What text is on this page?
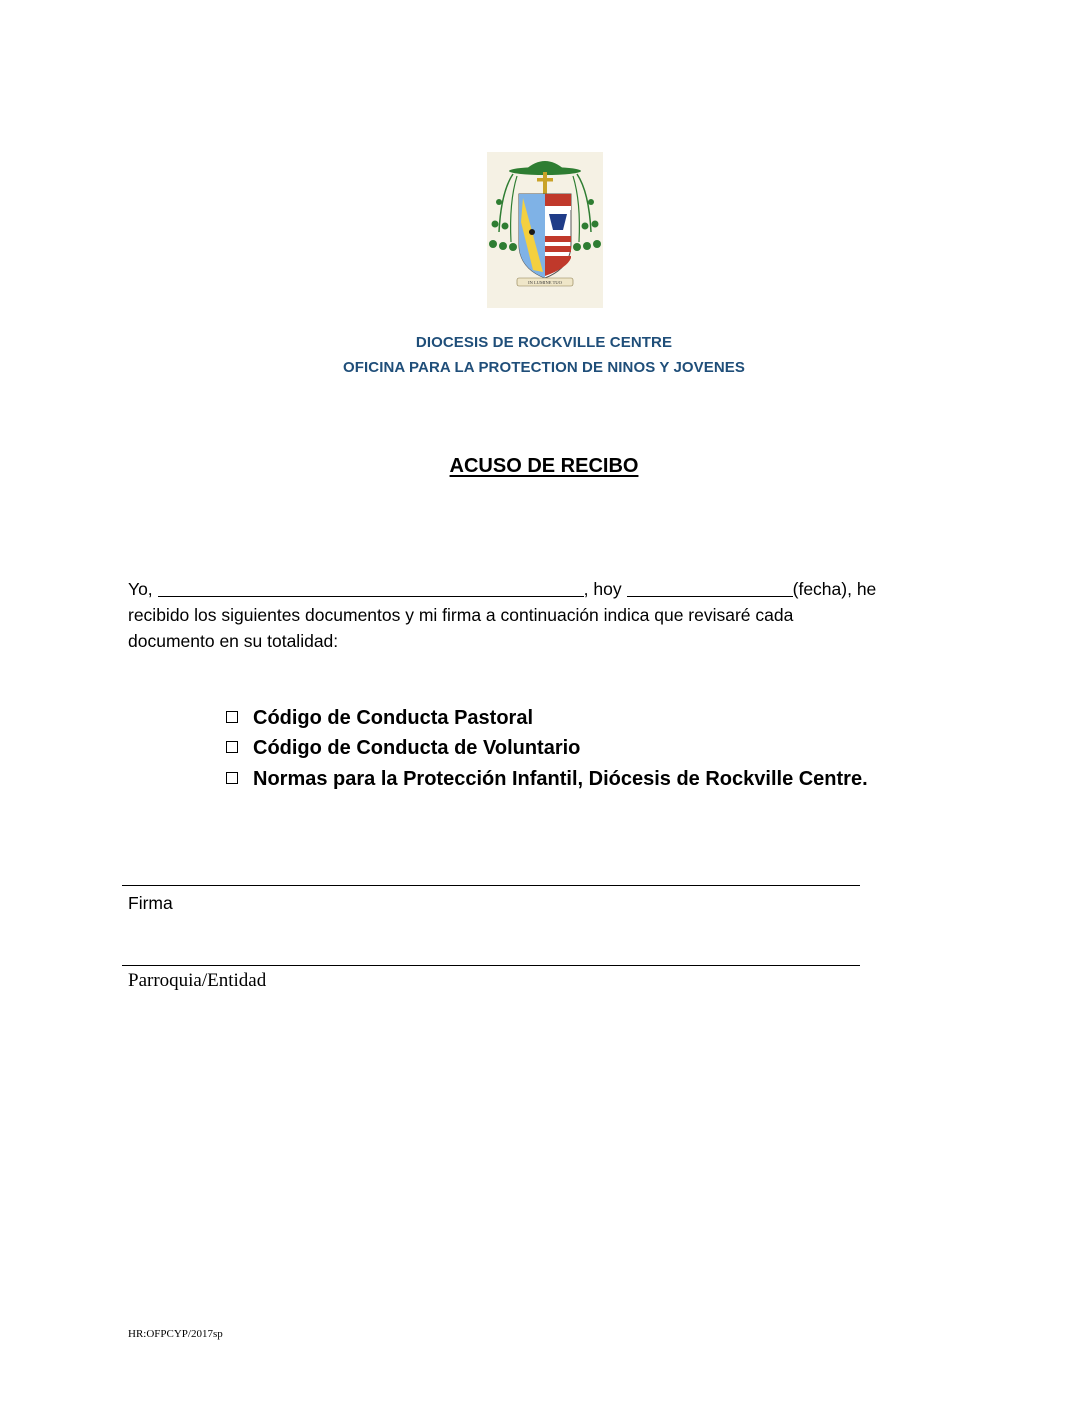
IN LUMINE TUO
DIOCESIS DE ROCKVILLE CENTRE
OFICINA PARA LA PROTECTION DE NINOS Y JOVENES
ACUSO DE RECIBO
Yo,	, hoy	(fecha), he
recibido los siguientes documentos y mi firma a continuación indica que revisaré cada
documento en su totalidad:
Código de Conducta Pastoral
Código de Conducta de Voluntario
Normas para la Protección Infantil, Diócesis de Rockville Centre.
Firma
Parroquia/Entidad
HR:OFPCYP/2017sp
